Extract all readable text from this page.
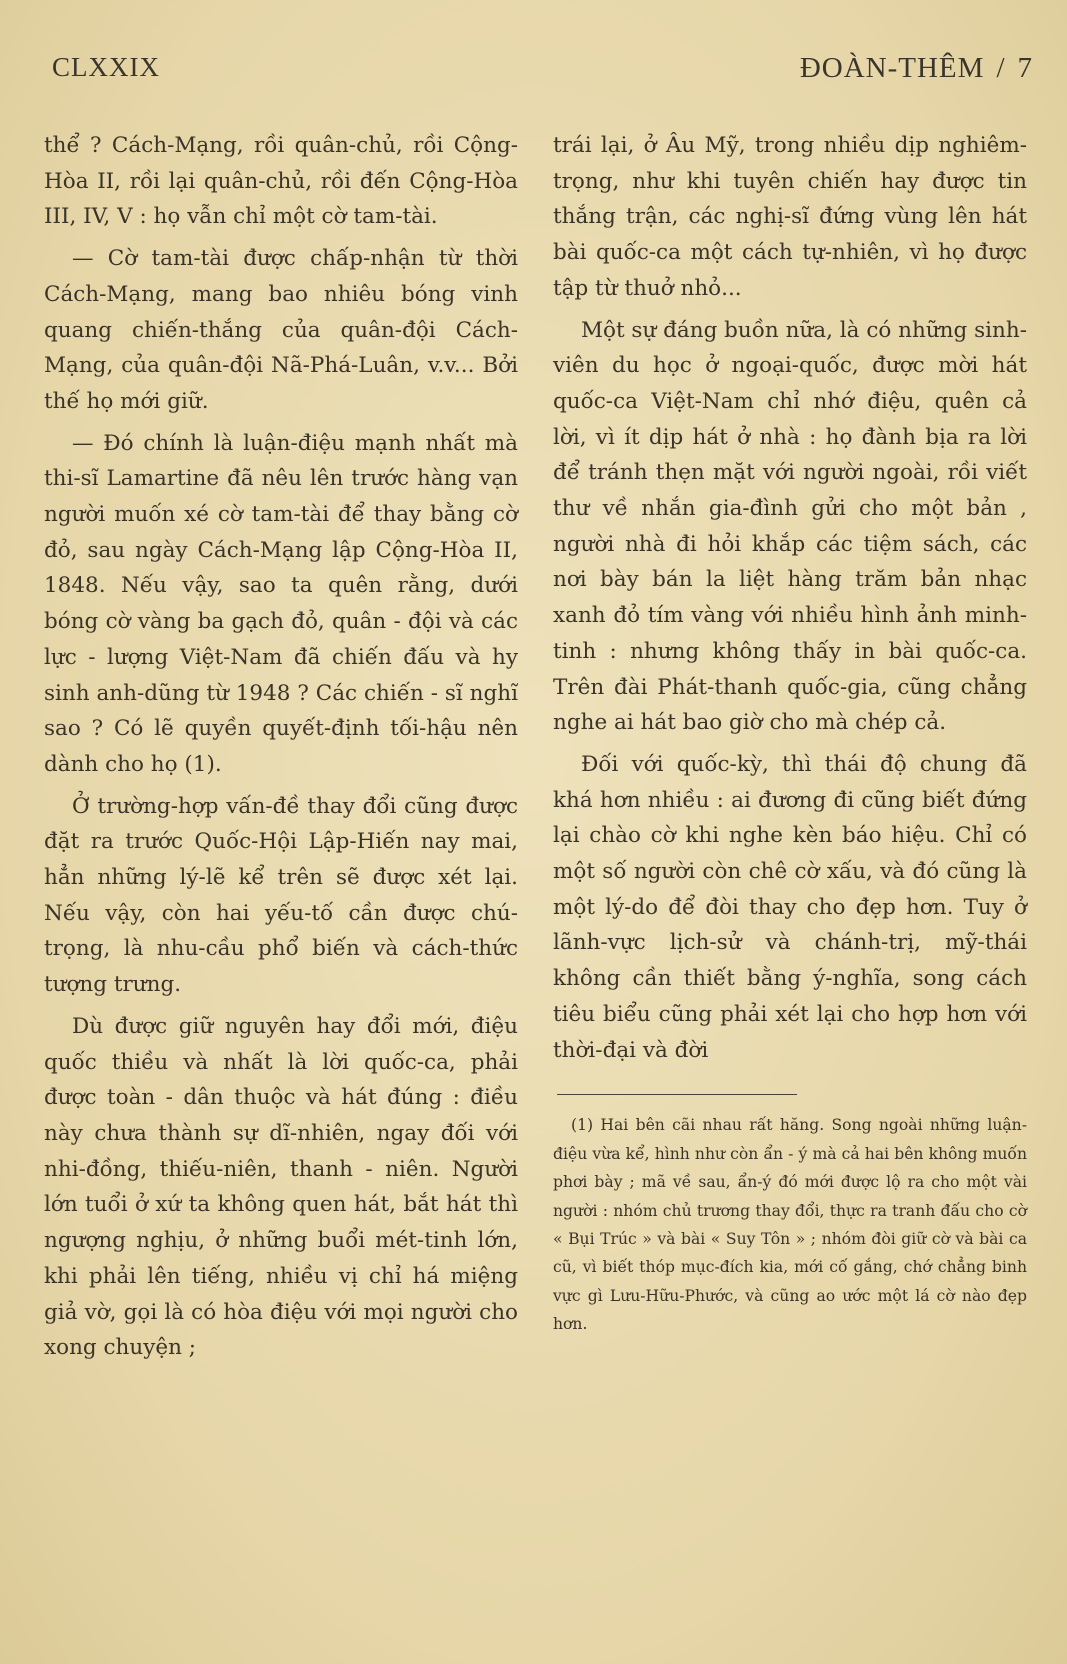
CLXXIX	ĐOÀN-THÊM / 7

thể ? Cách-Mạng, rồi quân-chủ, rồi Cộng-Hòa II, rồi lại quân-chủ, rồi đến Cộng-Hòa III, IV, V : họ vẫn chỉ một cờ tam-tài.

— Cờ tam-tài được chấp-nhận từ thời Cách-Mạng, mang bao nhiêu bóng vinh quang chiến-thắng của quân-đội Cách-Mạng, của quân-đội Nã-Phá-Luân, v.v... Bởi thế họ mới giữ.

— Đó chính là luận-điệu mạnh nhất mà thi-sĩ Lamartine đã nêu lên trước hàng vạn người muốn xé cờ tam-tài để thay bằng cờ đỏ, sau ngày Cách-Mạng lập Cộng-Hòa II, 1848. Nếu vậy, sao ta quên rằng, dưới bóng cờ vàng ba gạch đỏ, quân - đội và các lực - lượng Việt-Nam đã chiến đấu và hy sinh anh-dũng từ 1948 ? Các chiến - sĩ nghĩ sao ? Có lẽ quyền quyết-định tối-hậu nên dành cho họ (1).

Ở trường-hợp vấn-đề thay đổi cũng được đặt ra trước Quốc-Hội Lập-Hiến nay mai, hẳn những lý-lẽ kể trên sẽ được xét lại. Nếu vậy, còn hai yếu-tố cần được chú-trọng, là nhu-cầu phổ biến và cách-thức tượng trưng.

Dù được giữ nguyên hay đổi mới, điệu quốc thiều và nhất là lời quốc-ca, phải được toàn - dân thuộc và hát đúng : điều này chưa thành sự dĩ-nhiên, ngay đối với nhi-đồng, thiếu-niên, thanh - niên. Người lớn tuổi ở xứ ta không quen hát, bắt hát thì ngượng nghịu, ở những buổi mét-tinh lớn, khi phải lên tiếng, nhiều vị chỉ há miệng giả vờ, gọi là có hòa điệu với mọi người cho xong chuyện ;

trái lại, ở Âu Mỹ, trong nhiều dịp nghiêm-trọng, như khi tuyên chiến hay được tin thắng trận, các nghị-sĩ đứng vùng lên hát bài quốc-ca một cách tự-nhiên, vì họ được tập từ thuở nhỏ...

Một sự đáng buồn nữa, là có những sinh-viên du học ở ngoại-quốc, được mời hát quốc-ca Việt-Nam chỉ nhớ điệu, quên cả lời, vì ít dịp hát ở nhà : họ đành bịa ra lời để tránh thẹn mặt với người ngoài, rồi viết thư về nhắn gia-đình gửi cho một bản , người nhà đi hỏi khắp các tiệm sách, các nơi bày bán la liệt hàng trăm bản nhạc xanh đỏ tím vàng với nhiều hình ảnh minh-tinh : nhưng không thấy in bài quốc-ca. Trên đài Phát-thanh quốc-gia, cũng chẳng nghe ai hát bao giờ cho mà chép cả.

Đối với quốc-kỳ, thì thái độ chung đã khá hơn nhiều : ai đương đi cũng biết đứng lại chào cờ khi nghe kèn báo hiệu. Chỉ có một số người còn chê cờ xấu, và đó cũng là một lý-do để đòi thay cho đẹp hơn. Tuy ở lãnh-vực lịch-sử và chánh-trị, mỹ-thái không cần thiết bằng ý-nghĩa, song cách tiêu biểu cũng phải xét lại cho hợp hơn với thời-đại và đời

(1) Hai bên cãi nhau rất hăng. Song ngoài những luận-điệu vừa kể, hình như còn ẩn - ý mà cả hai bên không muốn phơi bày ; mã về sau, ẩn-ý đó mới được lộ ra cho một vài người : nhóm chủ trương thay đổi, thực ra tranh đấu cho cờ « Bụi Trúc » và bài « Suy Tôn » ; nhóm đòi giữ cờ và bài ca cũ, vì biết thóp mục-đích kia, mới cố gắng, chớ chẳng binh vực gì Lưu-Hữu-Phước, và cũng ao ước một lá cờ nào đẹp hơn.
